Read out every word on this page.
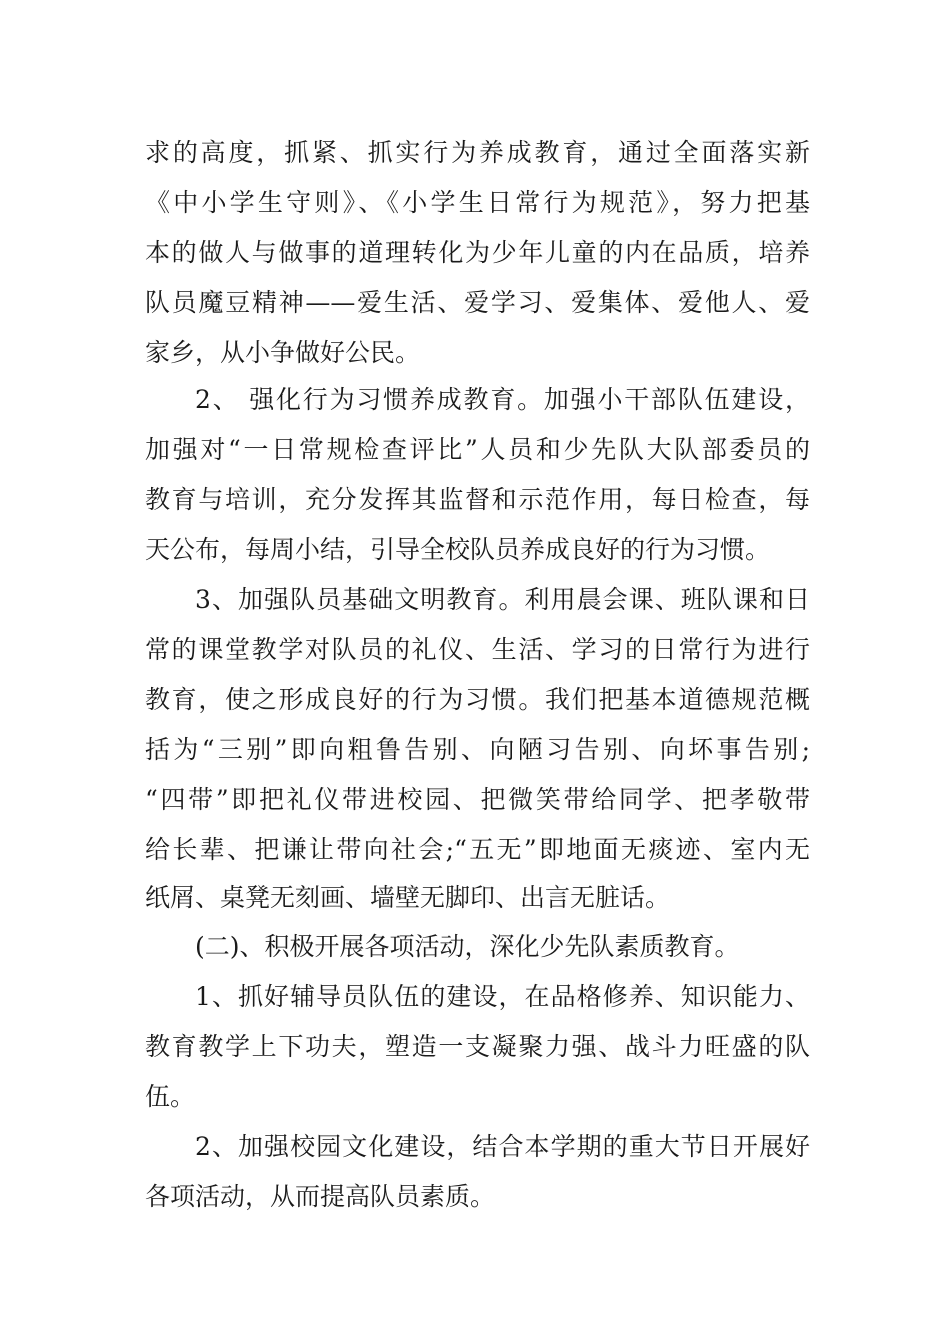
求的高度，抓紧、抓实行为养成教育，通过全面落实新

《中小学生守则》、《小学生日常行为规范》，努力把基

本的做人与做事的道理转化为少年儿童的内在品质，培养

队员魔豆精神——爱生活、爱学习、爱集体、爱他人、爱

家乡，从小争做好公民。

2、 强化行为习惯养成教育。加强小干部队伍建设，

加强对“一日常规检查评比”人员和少先队大队部委员的

教育与培训，充分发挥其监督和示范作用，每日检查，每

天公布，每周小结，引导全校队员养成良好的行为习惯。

3、加强队员基础文明教育。利用晨会课、班队课和日

常的课堂教学对队员的礼仪、生活、学习的日常行为进行

教育，使之形成良好的行为习惯。我们把基本道德规范概

括为“三别”即向粗鲁告别、向陋习告别、向坏事告别;

“四带”即把礼仪带进校园、把微笑带给同学、把孝敬带

给长辈、把谦让带向社会;“五无”即地面无痰迹、室内无

纸屑、桌凳无刻画、墙壁无脚印、出言无脏话。

(二)、积极开展各项活动，深化少先队素质教育。

1、抓好辅导员队伍的建设，在品格修养、知识能力、

教育教学上下功夫，塑造一支凝聚力强、战斗力旺盛的队

伍。

2、加强校园文化建设，结合本学期的重大节日开展好

各项活动，从而提高队员素质。
